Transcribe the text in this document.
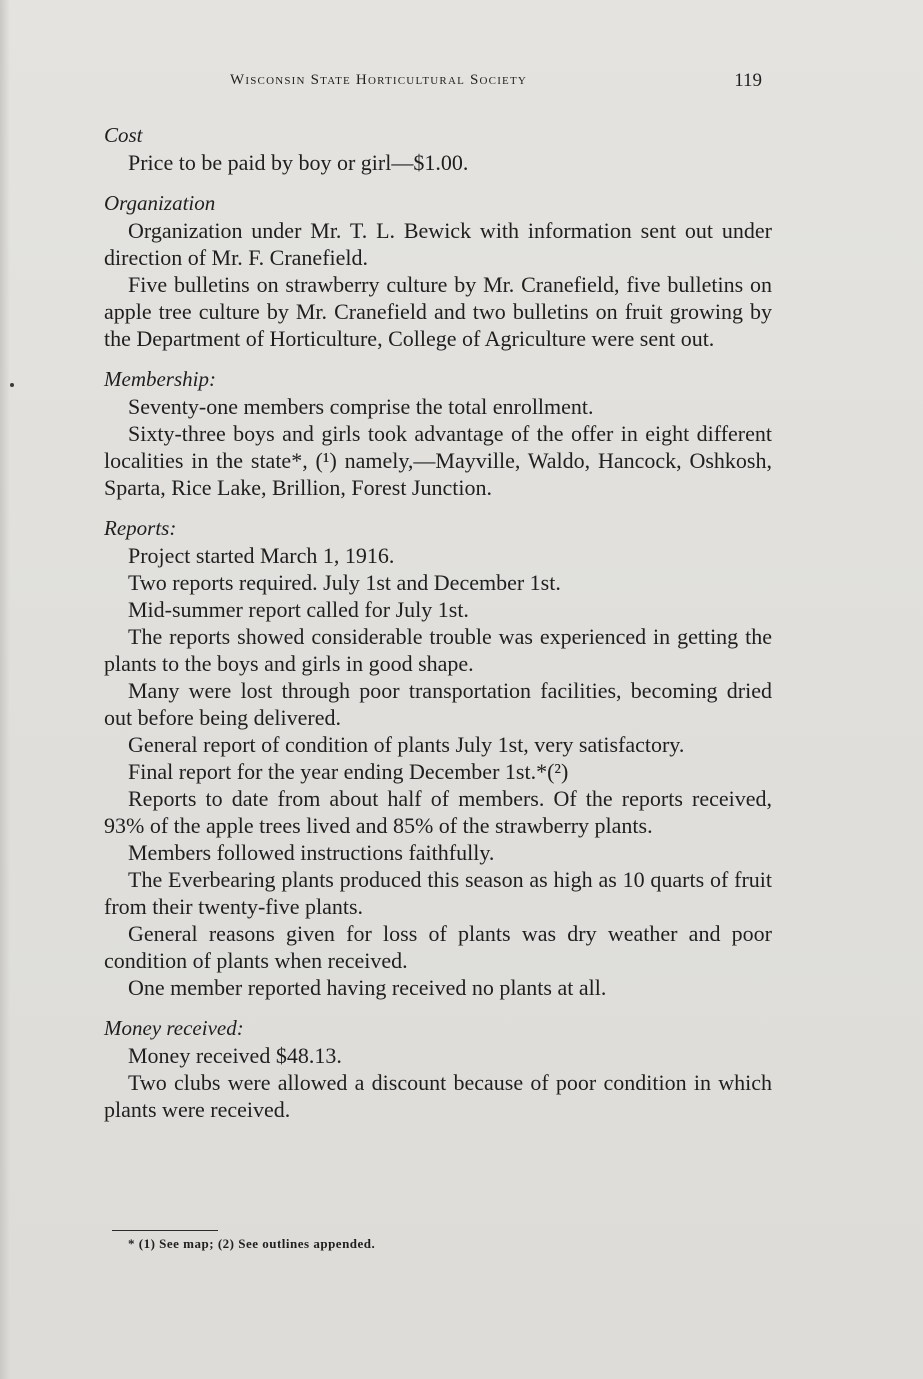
Wisconsin State Horticultural Society	119

Cost

Price to be paid by boy or girl—$1.00.

Organization

Organization under Mr. T. L. Bewick with information sent out under direction of Mr. F. Cranefield.

Five bulletins on strawberry culture by Mr. Cranefield, five bulletins on apple tree culture by Mr. Cranefield and two bulletins on fruit growing by the Department of Horticulture, College of Agriculture were sent out.

Membership:

Seventy-one members comprise the total enrollment.

Sixty-three boys and girls took advantage of the offer in eight different localities in the state*, (¹) namely,—Mayville, Waldo, Hancock, Oshkosh, Sparta, Rice Lake, Brillion, Forest Junction.

Reports:

Project started March 1, 1916.

Two reports required. July 1st and December 1st.

Mid-summer report called for July 1st.

The reports showed considerable trouble was experienced in getting the plants to the boys and girls in good shape.

Many were lost through poor transportation facilities, becoming dried out before being delivered.

General report of condition of plants July 1st, very satisfactory.

Final report for the year ending December 1st.*(²)

Reports to date from about half of members. Of the reports received, 93% of the apple trees lived and 85% of the strawberry plants.

Members followed instructions faithfully.

The Everbearing plants produced this season as high as 10 quarts of fruit from their twenty-five plants.

General reasons given for loss of plants was dry weather and poor condition of plants when received.

One member reported having received no plants at all.

Money received:

Money received $48.13.

Two clubs were allowed a discount because of poor condition in which plants were received.

* (1) See map; (2) See outlines appended.
